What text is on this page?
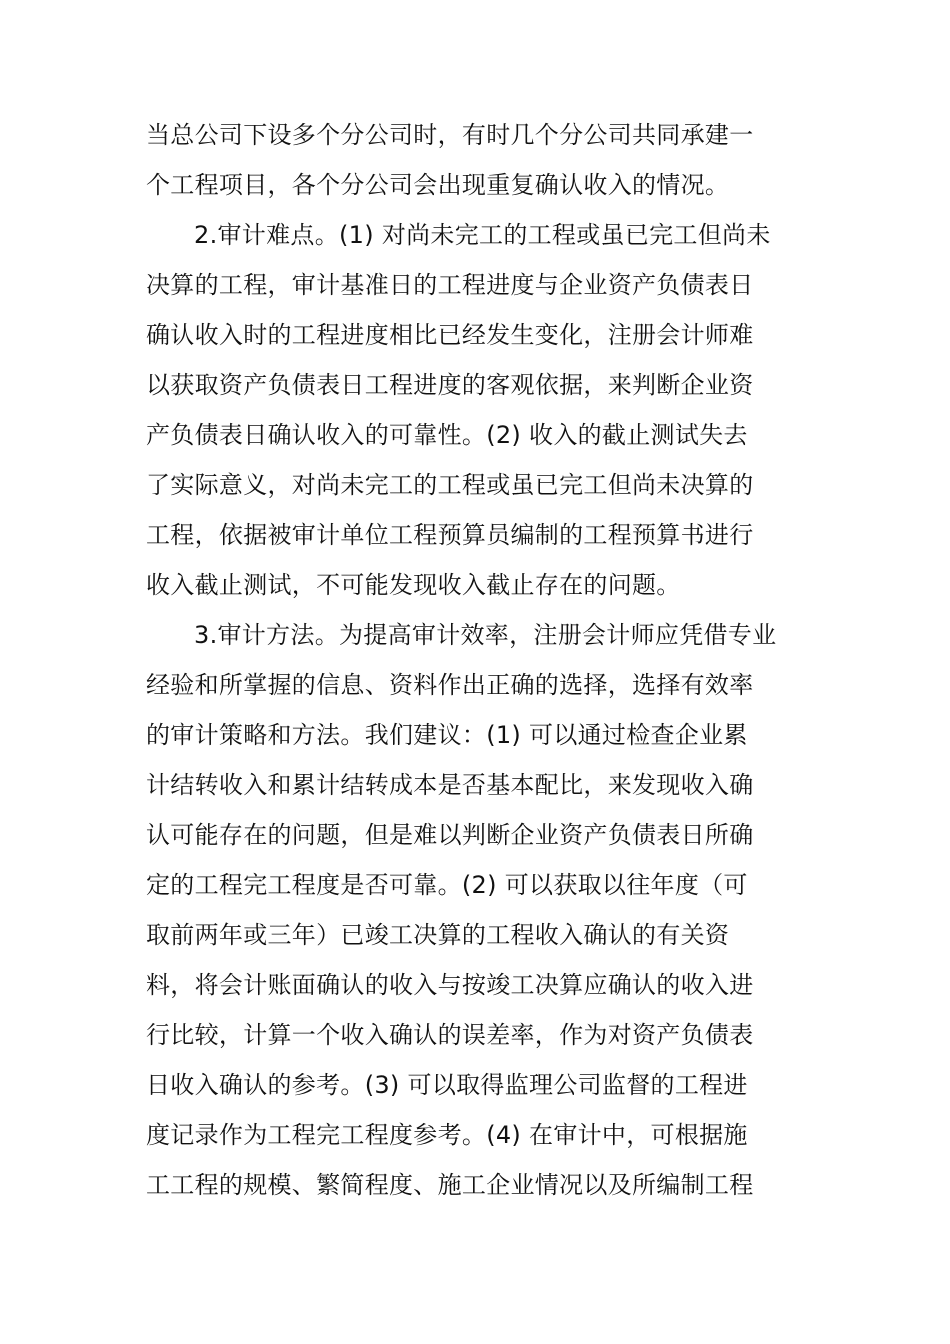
当总公司下设多个分公司时，有时几个分公司共同承建一
个工程项目，各个分公司会出现重复确认收入的情况。
2.审计难点。(1) 对尚未完工的工程或虽已完工但尚未
决算的工程，审计基准日的工程进度与企业资产负债表日
确认收入时的工程进度相比已经发生变化，注册会计师难
以获取资产负债表日工程进度的客观依据，来判断企业资
产负债表日确认收入的可靠性。(2) 收入的截止测试失去
了实际意义，对尚未完工的工程或虽已完工但尚未决算的
工程，依据被审计单位工程预算员编制的工程预算书进行
收入截止测试，不可能发现收入截止存在的问题。
3.审计方法。为提高审计效率，注册会计师应凭借专业
经验和所掌握的信息、资料作出正确的选择，选择有效率
的审计策略和方法。我们建议：(1) 可以通过检查企业累
计结转收入和累计结转成本是否基本配比，来发现收入确
认可能存在的问题，但是难以判断企业资产负债表日所确
定的工程完工程度是否可靠。(2) 可以获取以往年度（可
取前两年或三年）已竣工决算的工程收入确认的有关资
料，将会计账面确认的收入与按竣工决算应确认的收入进
行比较，计算一个收入确认的误差率，作为对资产负债表
日收入确认的参考。(3) 可以取得监理公司监督的工程进
度记录作为工程完工程度参考。(4) 在审计中，可根据施
工工程的规模、繁简程度、施工企业情况以及所编制工程
